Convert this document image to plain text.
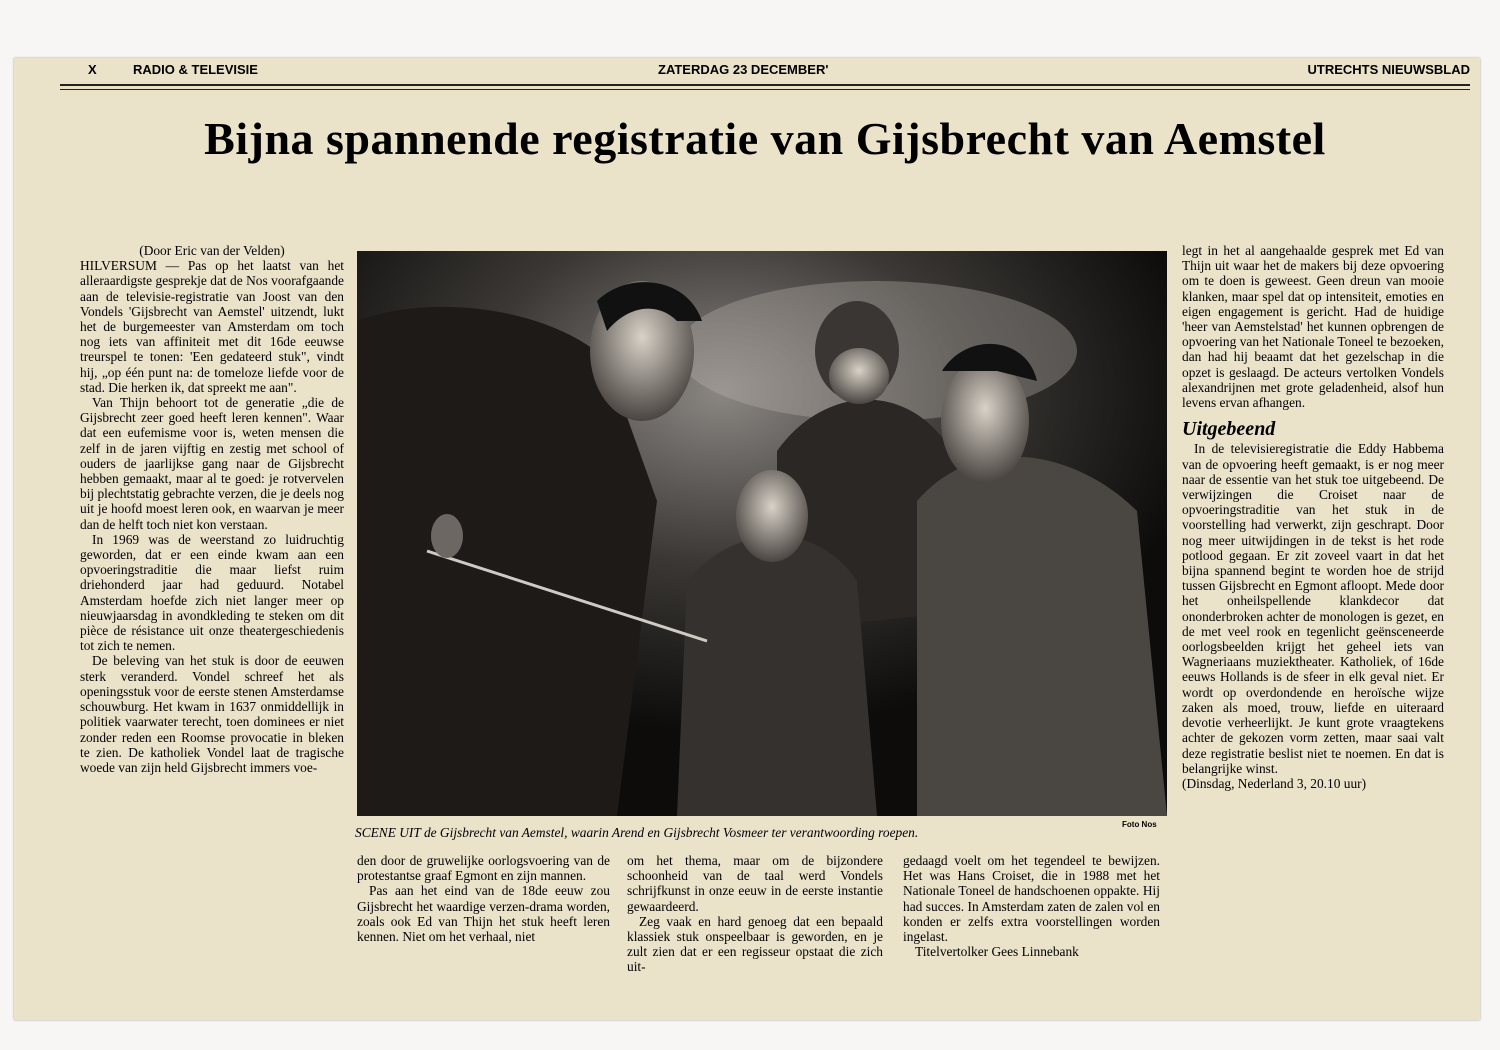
X	RADIO & TELEVISIE	ZATERDAG 23 DECEMBER'	UTRECHTS NIEUWSBLAD
Bijna spannende registratie van Gijsbrecht van Aemstel

(Door Eric van der Velden)

HILVERSUM — Pas op het laatst van het alleraardigste gesprekje dat de Nos voorafgaande aan de televisie-registratie van Joost van den Vondels 'Gijsbrecht van Aemstel' uitzendt, lukt het de burgemeester van Amsterdam om toch nog iets van affiniteit met dit 16de eeuwse treurspel te tonen: 'Een gedateerd stuk", vindt hij, „op één punt na: de tomeloze liefde voor de stad. Die herken ik, dat spreekt me aan".

Van Thijn behoort tot de generatie „die de Gijsbrecht zeer goed heeft leren kennen". Waar dat een eufemisme voor is, weten mensen die zelf in de jaren vijftig en zestig met school of ouders de jaarlijkse gang naar de Gijsbrecht hebben gemaakt, maar al te goed: je rotvervelen bij plechtstatig gebrachte verzen, die je deels nog uit je hoofd moest leren ook, en waarvan je meer dan de helft toch niet kon verstaan.

In 1969 was de weerstand zo luidruchtig geworden, dat er een einde kwam aan een opvoeringstraditie die maar liefst ruim driehonderd jaar had geduurd. Notabel Amsterdam hoefde zich niet langer meer op nieuwjaarsdag in avondkleding te steken om dit pièce de résistance uit onze theatergeschiedenis tot zich te nemen.

De beleving van het stuk is door de eeuwen sterk veranderd. Vondel schreef het als openingsstuk voor de eerste stenen Amsterdamse schouwburg. Het kwam in 1637 onmiddellijk in politiek vaarwater terecht, toen dominees er niet zonder reden een Roomse provocatie in bleken te zien. De katholiek Vondel laat de tragische woede van zijn held Gijsbrecht immers voe-

Foto Nos
SCENE UIT de Gijsbrecht van Aemstel, waarin Arend en Gijsbrecht Vosmeer ter verantwoording roepen.

den door de gruwelijke oorlogsvoering van de protestantse graaf Egmont en zijn mannen.

Pas aan het eind van de 18de eeuw zou Gijsbrecht het waardige verzen-drama worden, zoals ook Ed van Thijn het stuk heeft leren kennen. Niet om het verhaal, niet

om het thema, maar om de bijzondere schoonheid van de taal werd Vondels schrijfkunst in onze eeuw in de eerste instantie gewaardeerd.

Zeg vaak en hard genoeg dat een bepaald klassiek stuk onspeelbaar is geworden, en je zult zien dat er een regisseur opstaat die zich uit-

gedaagd voelt om het tegendeel te bewijzen. Het was Hans Croiset, die in 1988 met het Nationale Toneel de handschoenen oppakte. Hij had succes. In Amsterdam zaten de zalen vol en konden er zelfs extra voorstellingen worden ingelast.

Titelvertolker Gees Linnebank

legt in het al aangehaalde gesprek met Ed van Thijn uit waar het de makers bij deze opvoering om te doen is geweest. Geen dreun van mooie klanken, maar spel dat op intensiteit, emoties en eigen engagement is gericht. Had de huidige 'heer van Aemstelstad' het kunnen opbrengen de opvoering van het Nationale Toneel te bezoeken, dan had hij beaamt dat het gezelschap in die opzet is geslaagd. De acteurs vertolken Vondels alexandrijnen met grote geladenheid, alsof hun levens ervan afhangen.

Uitgebeend

In de televisieregistratie die Eddy Habbema van de opvoering heeft gemaakt, is er nog meer naar de essentie van het stuk toe uitgebeend. De verwijzingen die Croiset naar de opvoeringstraditie van het stuk in de voorstelling had verwerkt, zijn geschrapt. Door nog meer uitwijdingen in de tekst is het rode potlood gegaan. Er zit zoveel vaart in dat het bijna spannend begint te worden hoe de strijd tussen Gijsbrecht en Egmont afloopt. Mede door het onheilspellende klankdecor dat ononderbroken achter de monologen is gezet, en de met veel rook en tegenlicht geënsceneerde oorlogsbeelden krijgt het geheel iets van Wagneriaans muziektheater. Katholiek, of 16de eeuws Hollands is de sfeer in elk geval niet. Er wordt op overdondende en heroïsche wijze zaken als moed, trouw, liefde en uiteraard devotie verheerlijkt. Je kunt grote vraagtekens achter de gekozen vorm zetten, maar saai valt deze registratie beslist niet te noemen. En dat is belangrijke winst.

(Dinsdag, Nederland 3, 20.10 uur)
